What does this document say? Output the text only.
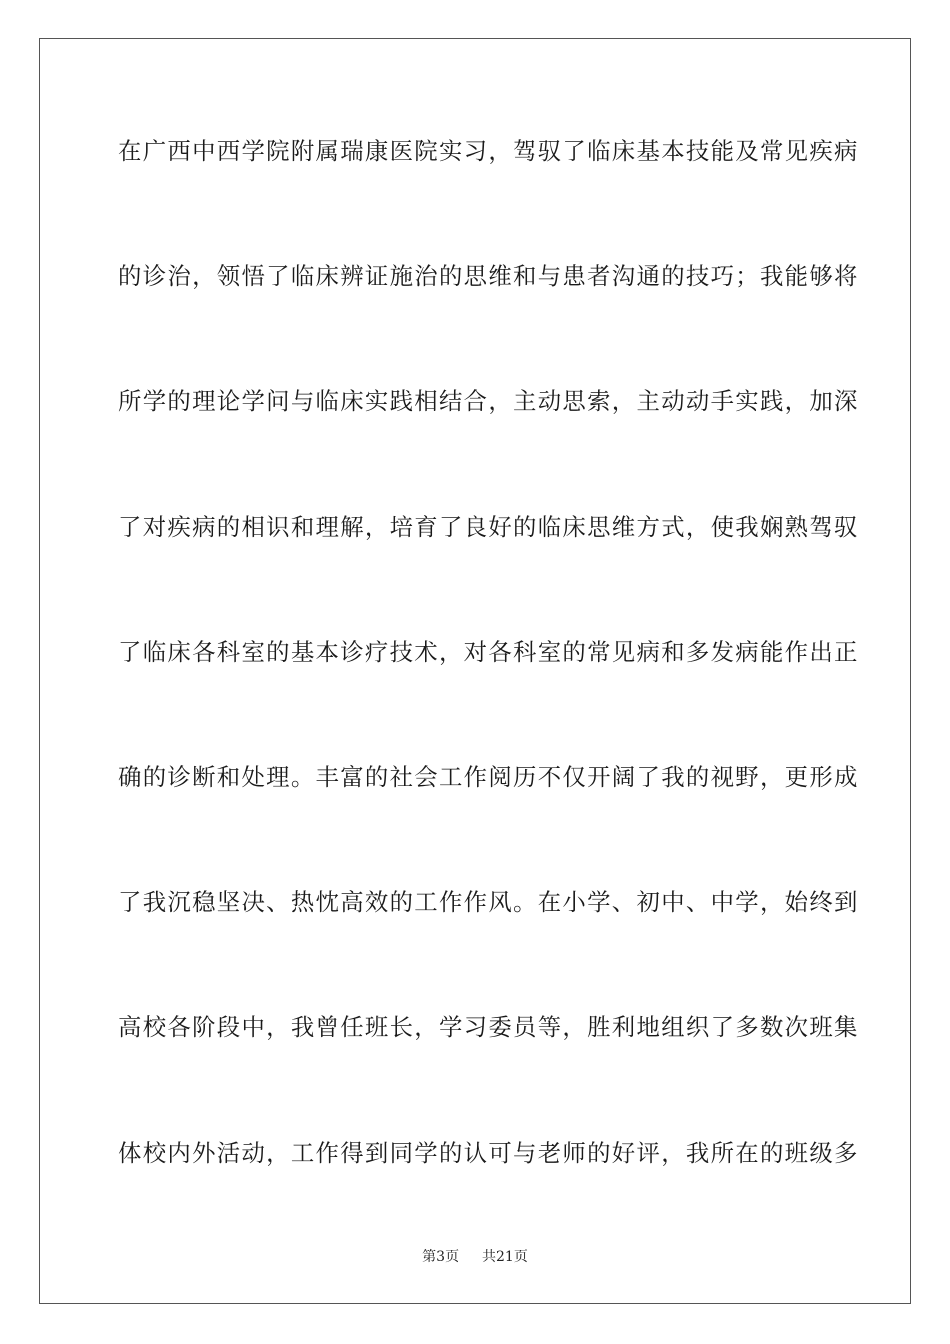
在广西中西学院附属瑞康医院实习，驾驭了临床基本技能及常见疾病
的诊治，领悟了临床辨证施治的思维和与患者沟通的技巧；我能够将
所学的理论学问与临床实践相结合，主动思索，主动动手实践，加深
了对疾病的相识和理解，培育了良好的临床思维方式，使我娴熟驾驭
了临床各科室的基本诊疗技术，对各科室的常见病和多发病能作出正
确的诊断和处理。丰富的社会工作阅历不仅开阔了我的视野，更形成
了我沉稳坚决、热忱高效的工作作风。在小学、初中、中学，始终到
高校各阶段中，我曾任班长，学习委员等，胜利地组织了多数次班集
体校内外活动，工作得到同学的认可与老师的好评，我所在的班级多
第3页 共21页
